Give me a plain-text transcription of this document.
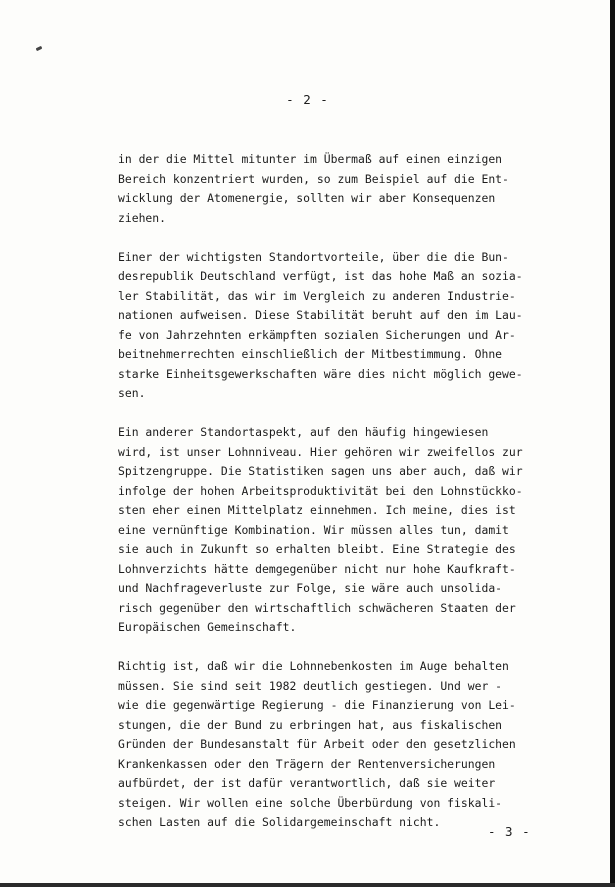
- 2 -

in der die Mittel mitunter im Übermaß auf einen einzigen
Bereich konzentriert wurden, so zum Beispiel auf die Ent-
wicklung der Atomenergie, sollten wir aber Konsequenzen
ziehen.

Einer der wichtigsten Standortvorteile, über die die Bun-
desrepublik Deutschland verfügt, ist das hohe Maß an sozia-
ler Stabilität, das wir im Vergleich zu anderen Industrie-
nationen aufweisen. Diese Stabilität beruht auf den im Lau-
fe von Jahrzehnten erkämpften sozialen Sicherungen und Ar-
beitnehmerrechten einschließlich der Mitbestimmung. Ohne
starke Einheitsgewerkschaften wäre dies nicht möglich gewe-
sen.

Ein anderer Standortaspekt, auf den häufig hingewiesen
wird, ist unser Lohnniveau. Hier gehören wir zweifellos zur
Spitzengruppe. Die Statistiken sagen uns aber auch, daß wir
infolge der hohen Arbeitsproduktivität bei den Lohnstückko-
sten eher einen Mittelplatz einnehmen. Ich meine, dies ist
eine vernünftige Kombination. Wir müssen alles tun, damit
sie auch in Zukunft so erhalten bleibt. Eine Strategie des
Lohnverzichts hätte demgegenüber nicht nur hohe Kaufkraft-
und Nachfrageverluste zur Folge, sie wäre auch unsolida-
risch gegenüber den wirtschaftlich schwächeren Staaten der
Europäischen Gemeinschaft.

Richtig ist, daß wir die Lohnnebenkosten im Auge behalten
müssen. Sie sind seit 1982 deutlich gestiegen. Und wer -
wie die gegenwärtige Regierung - die Finanzierung von Lei-
stungen, die der Bund zu erbringen hat, aus fiskalischen
Gründen der Bundesanstalt für Arbeit oder den gesetzlichen
Krankenkassen oder den Trägern der Rentenversicherungen
aufbürdet, der ist dafür verantwortlich, daß sie weiter
steigen. Wir wollen eine solche Überbürdung von fiskali-
schen Lasten auf die Solidargemeinschaft nicht.

- 3 -
